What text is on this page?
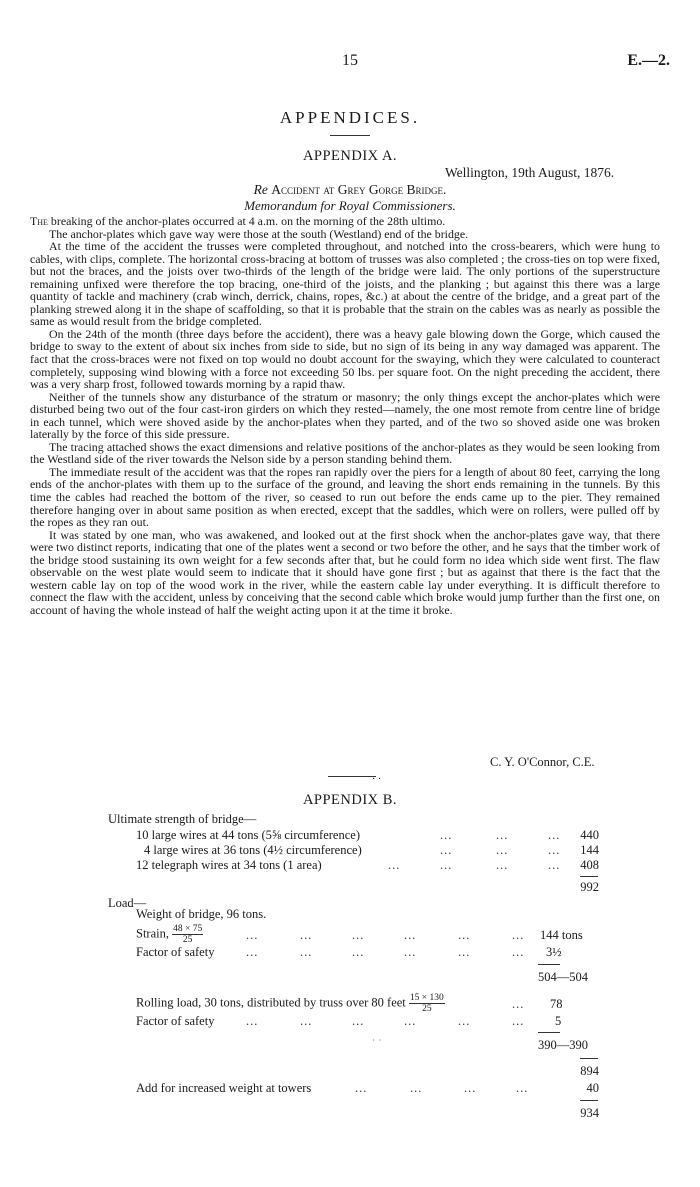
15	E.—2.
APPENDICES.
APPENDIX A.
Wellington, 19th August, 1876.
Re Accident at Grey Gorge Bridge.
Memorandum for Royal Commissioners.

The breaking of the anchor-plates occurred at 4 a.m. on the morning of the 28th ultimo.

The anchor-plates which gave way were those at the south (Westland) end of the bridge.

At the time of the accident the trusses were completed throughout, and notched into the cross-bearers, which were hung to cables, with clips, complete. The horizontal cross-bracing at bottom of trusses was also completed ; the cross-ties on top were fixed, but not the braces, and the joists over two-thirds of the length of the bridge were laid. The only portions of the superstructure remaining unfixed were therefore the top bracing, one-third of the joists, and the planking ; but against this there was a large quantity of tackle and machinery (crab winch, derrick, chains, ropes, &c.) at about the centre of the bridge, and a great part of the planking strewed along it in the shape of scaffolding, so that it is probable that the strain on the cables was as nearly as possible the same as would result from the bridge completed.

On the 24th of the month (three days before the accident), there was a heavy gale blowing down the Gorge, which caused the bridge to sway to the extent of about six inches from side to side, but no sign of its being in any way damaged was apparent. The fact that the cross-braces were not fixed on top would no doubt account for the swaying, which they were calculated to counteract completely, supposing wind blowing with a force not exceeding 50 lbs. per square foot. On the night preceding the accident, there was a very sharp frost, followed towards morning by a rapid thaw.

Neither of the tunnels show any disturbance of the stratum or masonry; the only things except the anchor-plates which were disturbed being two out of the four cast-iron girders on which they rested—namely, the one most remote from centre line of bridge in each tunnel, which were shoved aside by the anchor-plates when they parted, and of the two so shoved aside one was broken laterally by the force of this side pressure.

The tracing attached shows the exact dimensions and relative positions of the anchor-plates as they would be seen looking from the Westland side of the river towards the Nelson side by a person standing behind them.

The immediate result of the accident was that the ropes ran rapidly over the piers for a length of about 80 feet, carrying the long ends of the anchor-plates with them up to the surface of the ground, and leaving the short ends remaining in the tunnels. By this time the cables had reached the bottom of the river, so ceased to run out before the ends came up to the pier. They remained therefore hanging over in about same position as when erected, except that the saddles, which were on rollers, were pulled off by the ropes as they ran out.

It was stated by one man, who was awakened, and looked out at the first shock when the anchor-plates gave way, that there were two distinct reports, indicating that one of the plates went a second or two before the other, and he says that the timber work of the bridge stood sustaining its own weight for a few seconds after that, but he could form no idea which side went first. The flaw observable on the west plate would seem to indicate that it should have gone first ; but as against that there is the fact that the western cable lay on top of the wood work in the river, while the eastern cable lay under everything. It is difficult therefore to connect the flaw with the accident, unless by conceiving that the second cable which broke would jump further than the first one, on account of having the whole instead of half the weight acting upon it at the time it broke.

C. Y. O'Connor, C.E.
· ·
APPENDIX B.
Ultimate strength of bridge—
10 large wires at 44 tons (5⅝ circumference)	...	...	... 440
4 large wires at 36 tons (4½ circumference)	...	...	... 144
12 telegraph wires at 34 tons (1 area)	...	...	...	... 408
992
Load—
Weight of bridge, 96 tons.
Strain, $\frac{48 \times 75}{25}$	...	...	...	...	...	... 144 tons
Factor of safety	...	...	...	...	...	... 3½
504—504
Rolling load, 30 tons, distributed by truss over 80 feet $\frac{15 \times 130}{25}$	... 78
Factor of safety	...	...	...	...	...	... 5
· ·	390—390
894
Add for increased weight at towers	...	...	...	...	40
934
